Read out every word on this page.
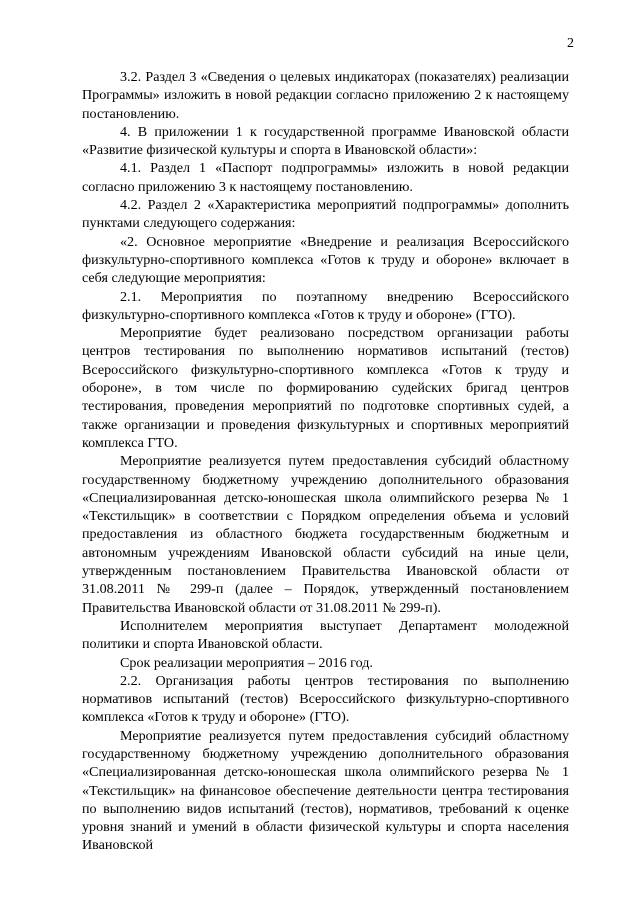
2

3.2. Раздел 3 «Сведения о целевых индикаторах (показателях) реализации Программы» изложить в новой редакции согласно приложению 2 к настоящему постановлению.

4. В приложении 1 к государственной программе Ивановской области «Развитие физической культуры и спорта в Ивановской области»:

4.1. Раздел 1 «Паспорт подпрограммы» изложить в новой редакции согласно приложению 3 к настоящему постановлению.

4.2. Раздел 2 «Характеристика мероприятий подпрограммы» дополнить пунктами следующего содержания:

«2. Основное мероприятие «Внедрение и реализация Всероссийского физкультурно-спортивного комплекса «Готов к труду и обороне» включает в себя следующие мероприятия:

2.1. Мероприятия по поэтапному внедрению Всероссийского физкультурно-спортивного комплекса «Готов к труду и обороне» (ГТО).

Мероприятие будет реализовано посредством организации работы центров тестирования по выполнению нормативов испытаний (тестов) Всероссийского физкультурно-спортивного комплекса «Готов к труду и обороне», в том числе по формированию судейских бригад центров тестирования, проведения мероприятий по подготовке спортивных судей, а также организации и проведения физкультурных и спортивных мероприятий комплекса ГТО.

Мероприятие реализуется путем предоставления субсидий областному государственному бюджетному учреждению дополнительного образования «Специализированная детско-юношеская школа олимпийского резерва № 1 «Текстильщик» в соответствии с Порядком определения объема и условий предоставления из областного бюджета государственным бюджетным и автономным учреждениям Ивановской области субсидий на иные цели, утвержденным постановлением Правительства Ивановской области от 31.08.2011 № 299-п (далее – Порядок, утвержденный постановлением Правительства Ивановской области от 31.08.2011 № 299-п).

Исполнителем мероприятия выступает Департамент молодежной политики и спорта Ивановской области.

Срок реализации мероприятия – 2016 год.

2.2. Организация работы центров тестирования по выполнению нормативов испытаний (тестов) Всероссийского физкультурно-спортивного комплекса «Готов к труду и обороне» (ГТО).

Мероприятие реализуется путем предоставления субсидий областному государственному бюджетному учреждению дополнительного образования «Специализированная детско-юношеская школа олимпийского резерва № 1 «Текстильщик» на финансовое обеспечение деятельности центра тестирования по выполнению видов испытаний (тестов), нормативов, требований к оценке уровня знаний и умений в области физической культуры и спорта населения Ивановской
